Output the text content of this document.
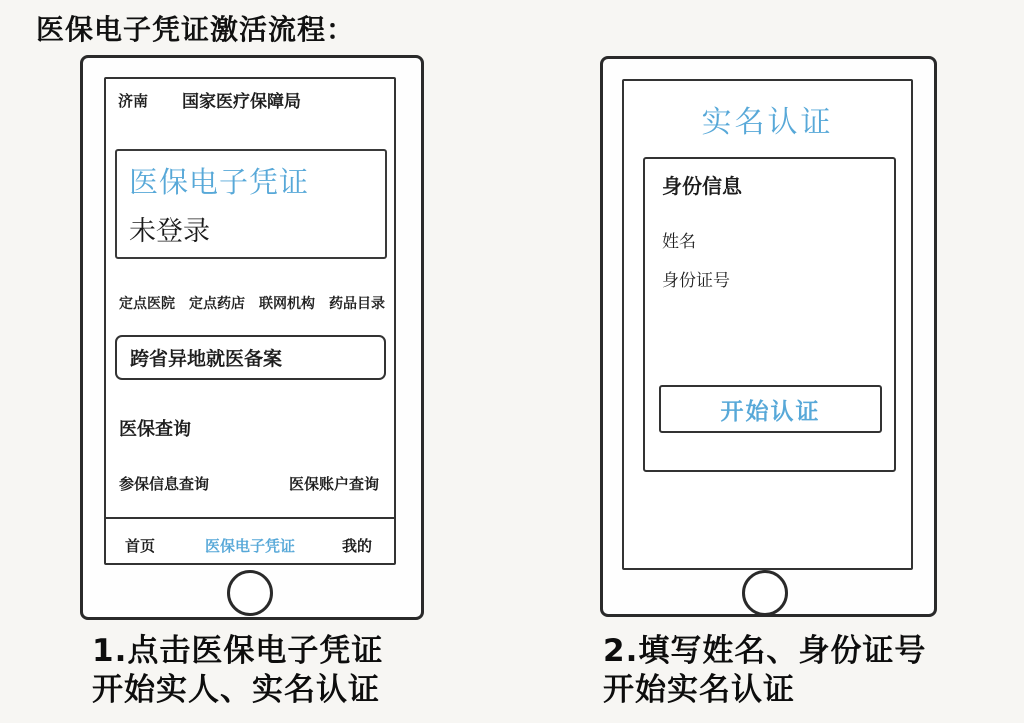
医保电子凭证激活流程：
济南 国家医疗保障局
医保电子凭证
未登录
定点医院 定点药店 联网机构 药品目录
跨省异地就医备案
医保查询
参保信息查询	医保账户查询
首页	医保电子凭证	我的
1.点击医保电子凭证
开始实人、实名认证
实名认证
身份信息
姓名
身份证号
开始认证
2.填写姓名、身份证号
开始实名认证
